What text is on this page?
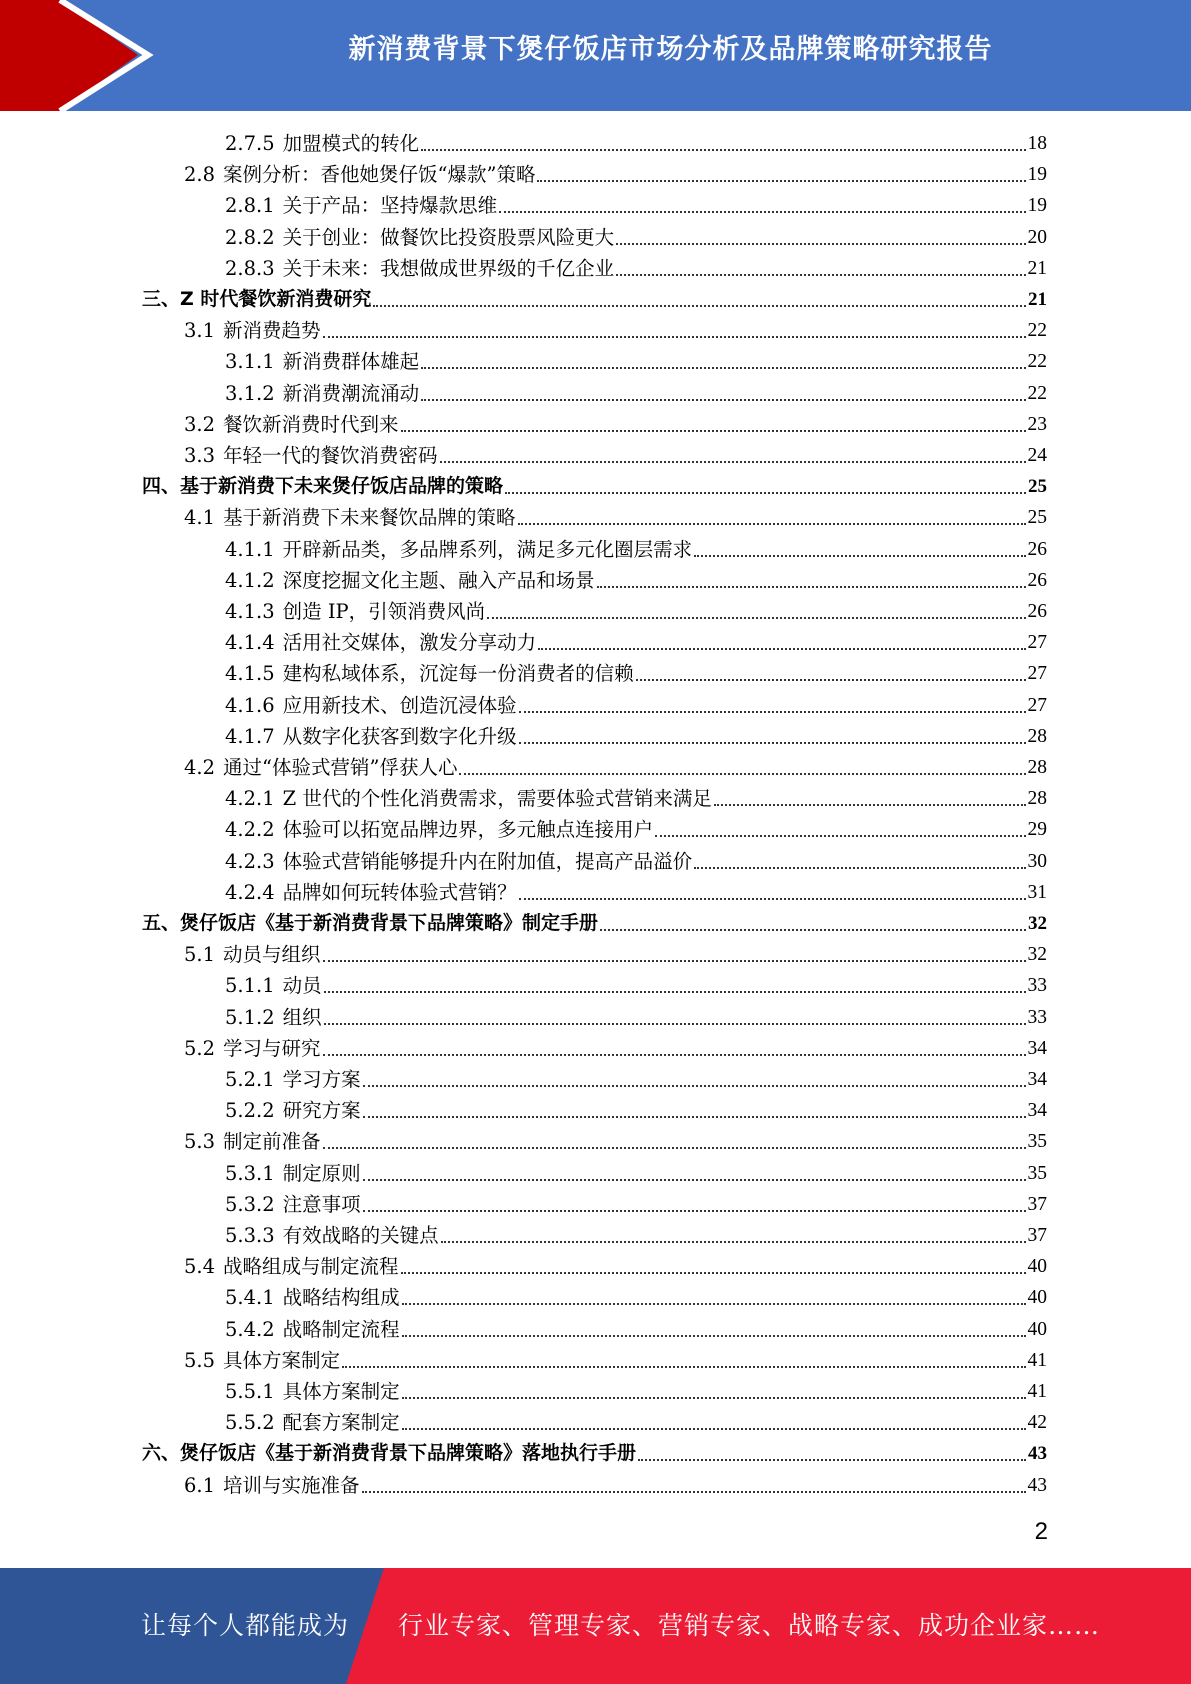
新消费背景下煲仔饭店市场分析及品牌策略研究报告
2.7.5 加盟模式的转化	18
2.8 案例分析：香他她煲仔饭“爆款”策略	19
2.8.1 关于产品：坚持爆款思维	19
2.8.2 关于创业：做餐饮比投资股票风险更大	20
2.8.3 关于未来：我想做成世界级的千亿企业	21
三、 Z 时代餐饮新消费研究	21
3.1 新消费趋势	22
3.1.1 新消费群体雄起	22
3.1.2 新消费潮流涌动	22
3.2 餐饮新消费时代到来	23
3.3 年轻一代的餐饮消费密码	24
四、 基于新消费下未来煲仔饭店品牌的策略	25
4.1 基于新消费下未来餐饮品牌的策略	25
4.1.1 开辟新品类，多品牌系列，满足多元化圈层需求	26
4.1.2 深度挖掘文化主题、融入产品和场景	26
4.1.3 创造 IP，引领消费风尚	26
4.1.4 活用社交媒体，激发分享动力	27
4.1.5 建构私域体系，沉淀每一份消费者的信赖	27
4.1.6 应用新技术、创造沉浸体验	27
4.1.7 从数字化获客到数字化升级	28
4.2 通过“体验式营销”俘获人心	28
4.2.1 Z 世代的个性化消费需求，需要体验式营销来满足	28
4.2.2 体验可以拓宽品牌边界，多元触点连接用户	29
4.2.3 体验式营销能够提升内在附加值，提高产品溢价	30
4.2.4 品牌如何玩转体验式营销？	31
五、 煲仔饭店《基于新消费背景下品牌策略》制定手册	32
5.1 动员与组织	32
5.1.1 动员	33
5.1.2 组织	33
5.2 学习与研究	34
5.2.1 学习方案	34
5.2.2 研究方案	34
5.3 制定前准备	35
5.3.1 制定原则	35
5.3.2 注意事项	37
5.3.3 有效战略的关键点	37
5.4 战略组成与制定流程	40
5.4.1 战略结构组成	40
5.4.2 战略制定流程	40
5.5 具体方案制定	41
5.5.1 具体方案制定	41
5.5.2 配套方案制定	42
六、 煲仔饭店《基于新消费背景下品牌策略》落地执行手册	43
6.1 培训与实施准备	43
2
让每个人都能成为 行业专家、管理专家、营销专家、战略专家、成功企业家……
